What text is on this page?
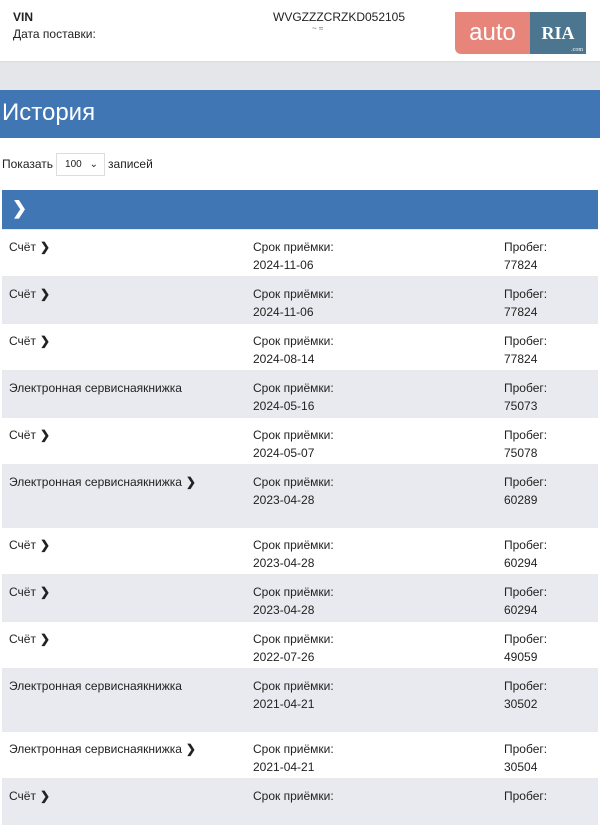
VIN
Дата поставки:
WVGZZZCRZKD052105
~ ≈	auto	RIA
.com
История
Показать 100 ⌄ записей
❯
Счёт ❯	Срок приёмки:
2024-11-06
Пробег:
77824
Счёт ❯	Срок приёмки:
2024-11-06
Пробег:
77824
Счёт ❯	Срок приёмки:
2024-08-14
Пробег:
77824
Электронная сервиснаякнижка	Срок приёмки:
2024-05-16
Пробег:
75073
Счёт ❯	Срок приёмки:
2024-05-07
Пробег:
75078
Электронная сервиснаякнижка ❯	Срок приёмки:
2023-04-28
Пробег:
60289
Счёт ❯	Срок приёмки:
2023-04-28
Пробег:
60294
Счёт ❯	Срок приёмки:
2023-04-28
Пробег:
60294
Счёт ❯	Срок приёмки:
2022-07-26
Пробег:
49059
Электронная сервиснаякнижка	Срок приёмки:
2021-04-21
Пробег:
30502
Электронная сервиснаякнижка ❯	Срок приёмки:
2021-04-21
Пробег:
30504
Счёт ❯	Срок приёмки:	Пробег:
